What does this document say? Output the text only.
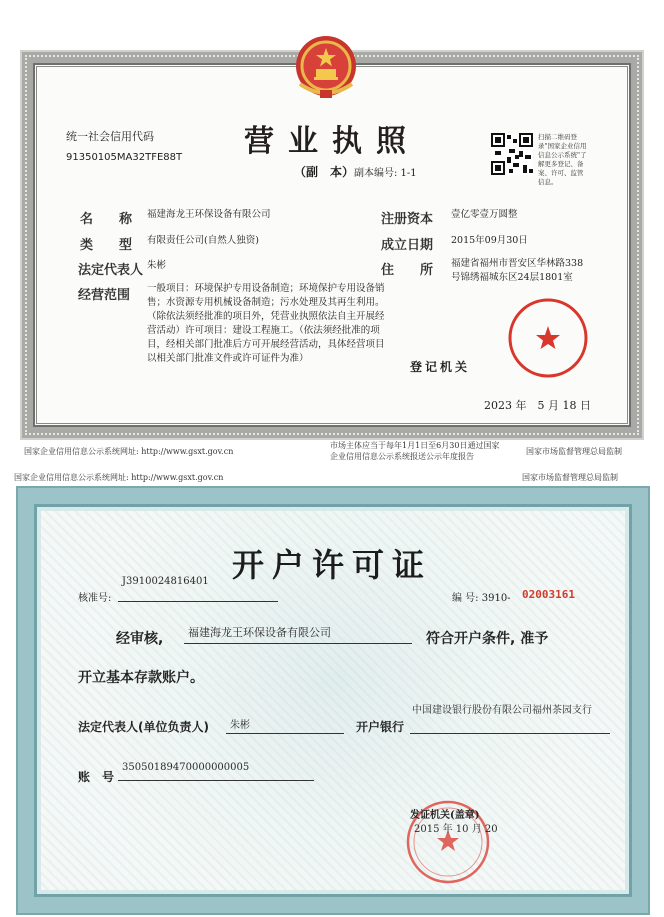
营业执照
（副　本） 副本编号: 1-1
统一社会信用代码
91350105MA32TFE88T
扫描二维码登录"国家企业信用信息公示系统"了解更多登记、备案、许可、监管信息。
名　　称 福建海龙王环保设备有限公司
类　　型 有限责任公司(自然人独资)
法定代表人 朱彬
经营范围 一般项目：环境保护专用设备制造；环境保护专用设备销售；水资源专用机械设备制造；污水处理及其再生利用。（除依法须经批准的项目外，凭营业执照依法自主开展经营活动）许可项目：建设工程施工。（依法须经批准的项目，经相关部门批准后方可开展经营活动，具体经营项目以相关部门批准文件或许可证件为准）
注册资本 壹亿零壹万圆整
成立日期 2015年09月30日
住　　所 福建省福州市晋安区华林路338号锦绣福城东区24层1801室
登记机关
2023 年　5 月 18 日
国家企业信用信息公示系统网址: http://www.gsxt.gov.cn
市场主体应当于每年1月1日至6月30日通过国家企业信用信息公示系统报送公示年度报告
国家市场监督管理总局监制
国家企业信用信息公示系统网址: http://www.gsxt.gov.cn	国家市场监督管理总局监制
开户许可证
J3910024816401
核准号:	编 号: 3910- 02003161
经审核, 福建海龙王环保设备有限公司	符合开户条件, 准予
开立基本存款账户。
法定代表人(单位负责人) 朱彬	开户银行
中国建设银行股份有限公司福州茶园支行
账　号
35050189470000000005
发证机关(盖章)
2015 年 10 月 20
